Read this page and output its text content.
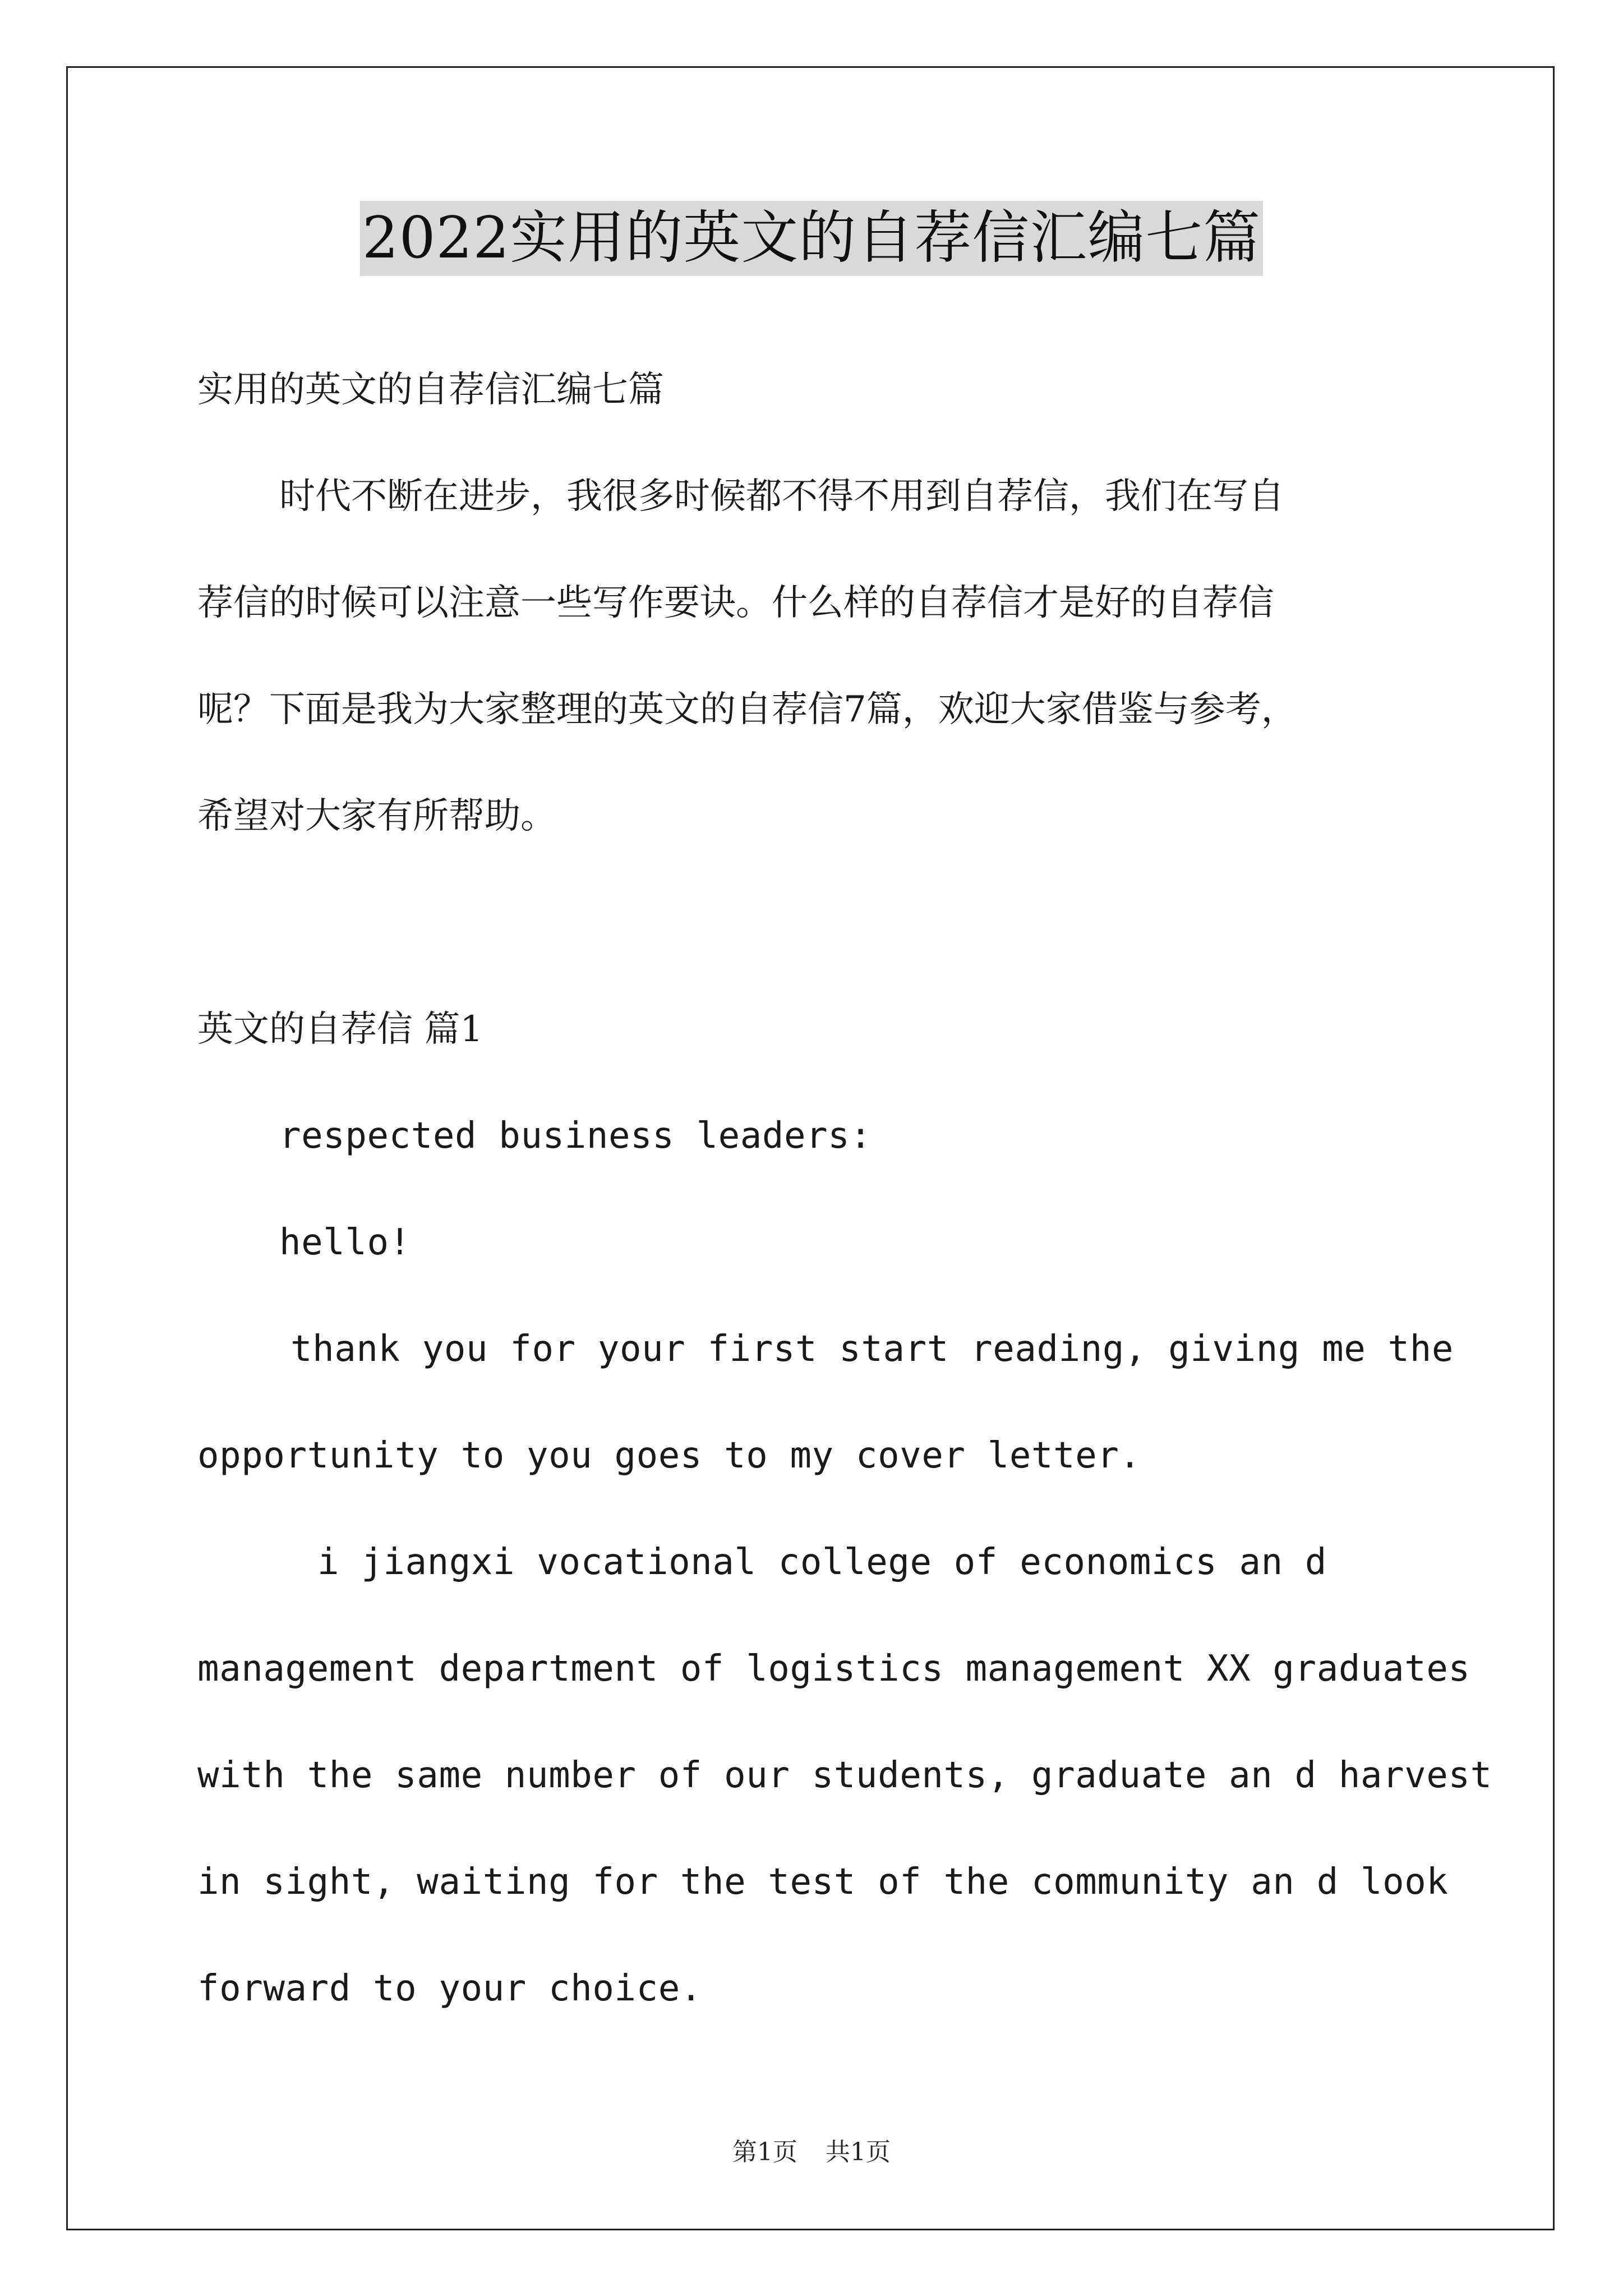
2022实用的英文的自荐信汇编七篇
实用的英文的自荐信汇编七篇
时代不断在进步，我很多时候都不得不用到自荐信，我们在写自
荐信的时候可以注意一些写作要诀。什么样的自荐信才是好的自荐信
呢？下面是我为大家整理的英文的自荐信7篇，欢迎大家借鉴与参考，
希望对大家有所帮助。
英文的自荐信 篇1
respected business leaders:
hello!
thank you for your first start reading, giving me the
opportunity to you goes to my cover letter.
i jiangxi vocational college of economics an d
management department of logistics management XX graduates
with the same number of our students, graduate an d harvest
in sight, waiting for the test of the community an d look
forward to your choice.
第1页 共1页
